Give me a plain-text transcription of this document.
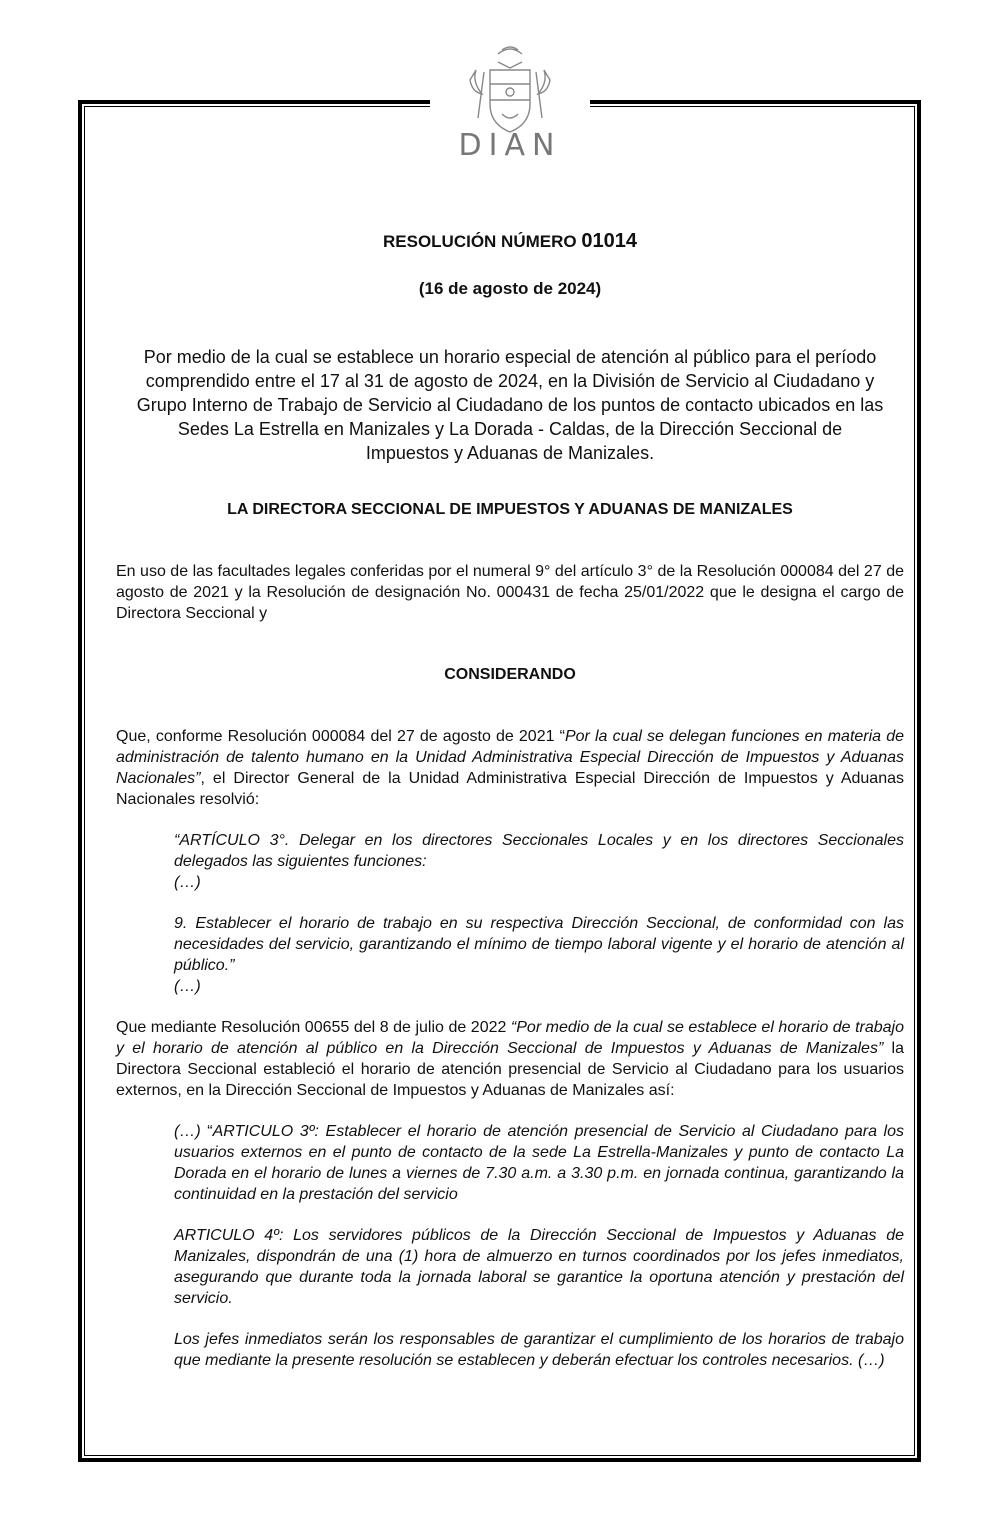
DIAN

RESOLUCIÓN NÚMERO 01014

(16 de agosto de 2024)

Por medio de la cual se establece un horario especial de atención al público para el período comprendido entre el 17 al 31 de agosto de 2024, en la División de Servicio al Ciudadano y Grupo Interno de Trabajo de Servicio al Ciudadano de los puntos de contacto ubicados en las Sedes La Estrella en Manizales y La Dorada - Caldas, de la Dirección Seccional de Impuestos y Aduanas de Manizales.

LA DIRECTORA SECCIONAL DE IMPUESTOS Y ADUANAS DE MANIZALES

En uso de las facultades legales conferidas por el numeral 9° del artículo 3° de la Resolución 000084 del 27 de agosto de 2021 y la Resolución de designación No. 000431 de fecha 25/01/2022 que le designa el cargo de Directora Seccional y

CONSIDERANDO

Que, conforme Resolución 000084 del 27 de agosto de 2021 “Por la cual se delegan funciones en materia de administración de talento humano en la Unidad Administrativa Especial Dirección de Impuestos y Aduanas Nacionales”, el Director General de la Unidad Administrativa Especial Dirección de Impuestos y Aduanas Nacionales resolvió:

“ARTÍCULO 3°. Delegar en los directores Seccionales Locales y en los directores Seccionales delegados las siguientes funciones:

(…)

9. Establecer el horario de trabajo en su respectiva Dirección Seccional, de conformidad con las necesidades del servicio, garantizando el mínimo de tiempo laboral vigente y el horario de atención al público.”

(…)

Que mediante Resolución 00655 del 8 de julio de 2022 “Por medio de la cual se establece el horario de trabajo y el horario de atención al público en la Dirección Seccional de Impuestos y Aduanas de Manizales” la Directora Seccional estableció el horario de atención presencial de Servicio al Ciudadano para los usuarios externos, en la Dirección Seccional de Impuestos y Aduanas de Manizales así:

(…) “ARTICULO 3º: Establecer el horario de atención presencial de Servicio al Ciudadano para los usuarios externos en el punto de contacto de la sede La Estrella-Manizales y punto de contacto La Dorada en el horario de lunes a viernes de 7.30 a.m. a 3.30 p.m. en jornada continua, garantizando la continuidad en la prestación del servicio

ARTICULO 4º: Los servidores públicos de la Dirección Seccional de Impuestos y Aduanas de Manizales, dispondrán de una (1) hora de almuerzo en turnos coordinados por los jefes inmediatos, asegurando que durante toda la jornada laboral se garantice la oportuna atención y prestación del servicio.

Los jefes inmediatos serán los responsables de garantizar el cumplimiento de los horarios de trabajo que mediante la presente resolución se establecen y deberán efectuar los controles necesarios. (…)
